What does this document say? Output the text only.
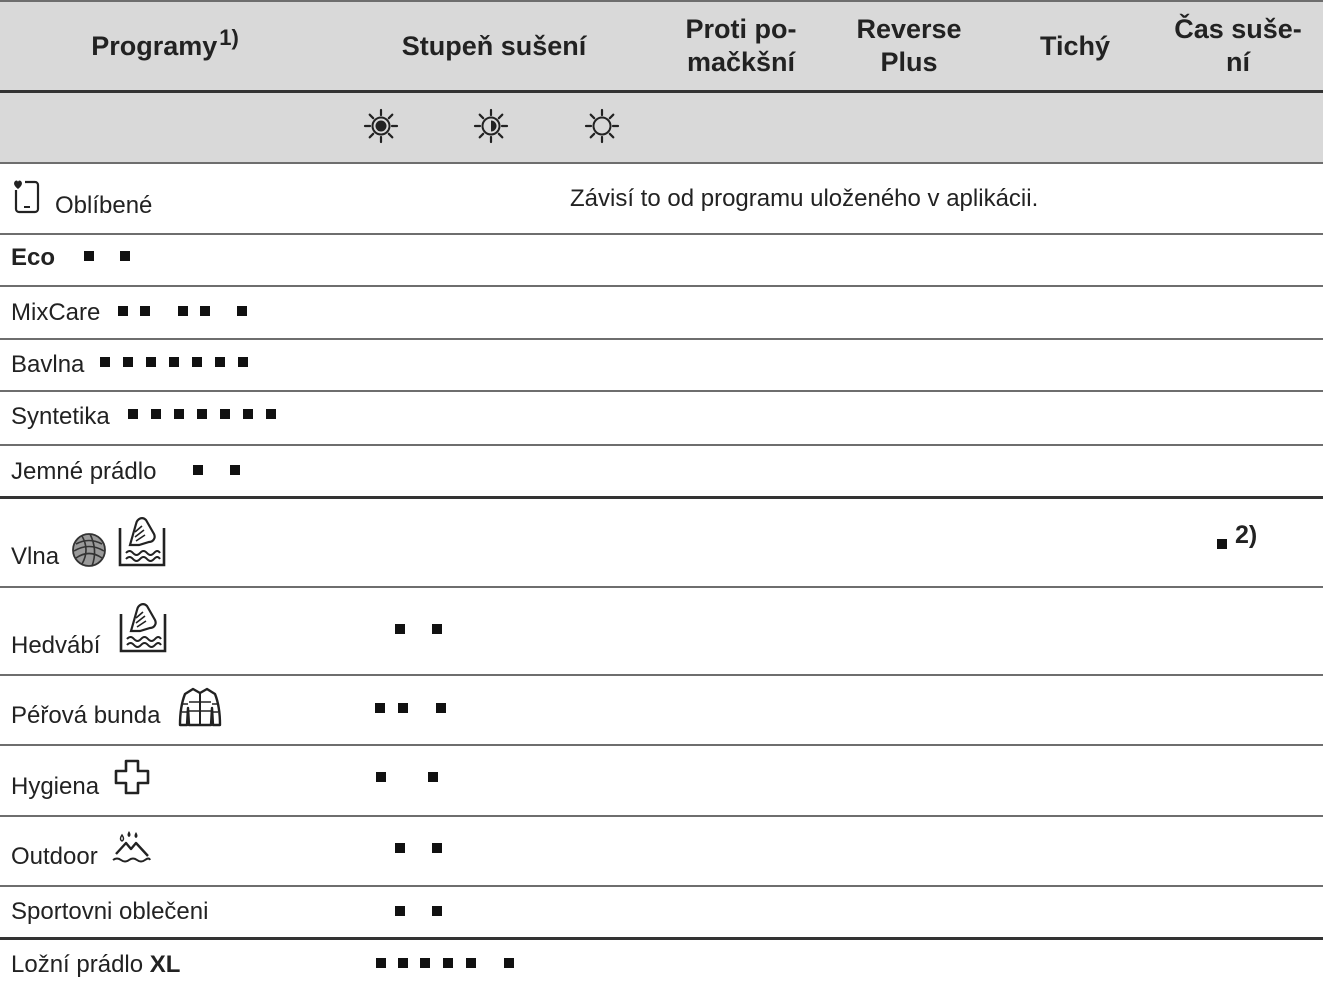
Programy$^{1)}$	Stupeň sušení
Proti po-
mačkšní
Reverse
Plus
Tichý
Čas suše-
ní
Oblíbené	Závisí to od programu uloženého v aplikácii.
Eco
MixCare
Bavlna
Syntetika
Jemné prádlo
Vlna
2)
Hedvábí
Péřová bunda
Hygiena
Outdoor
Sportovni oblečeni
Ložní prádlo XL
